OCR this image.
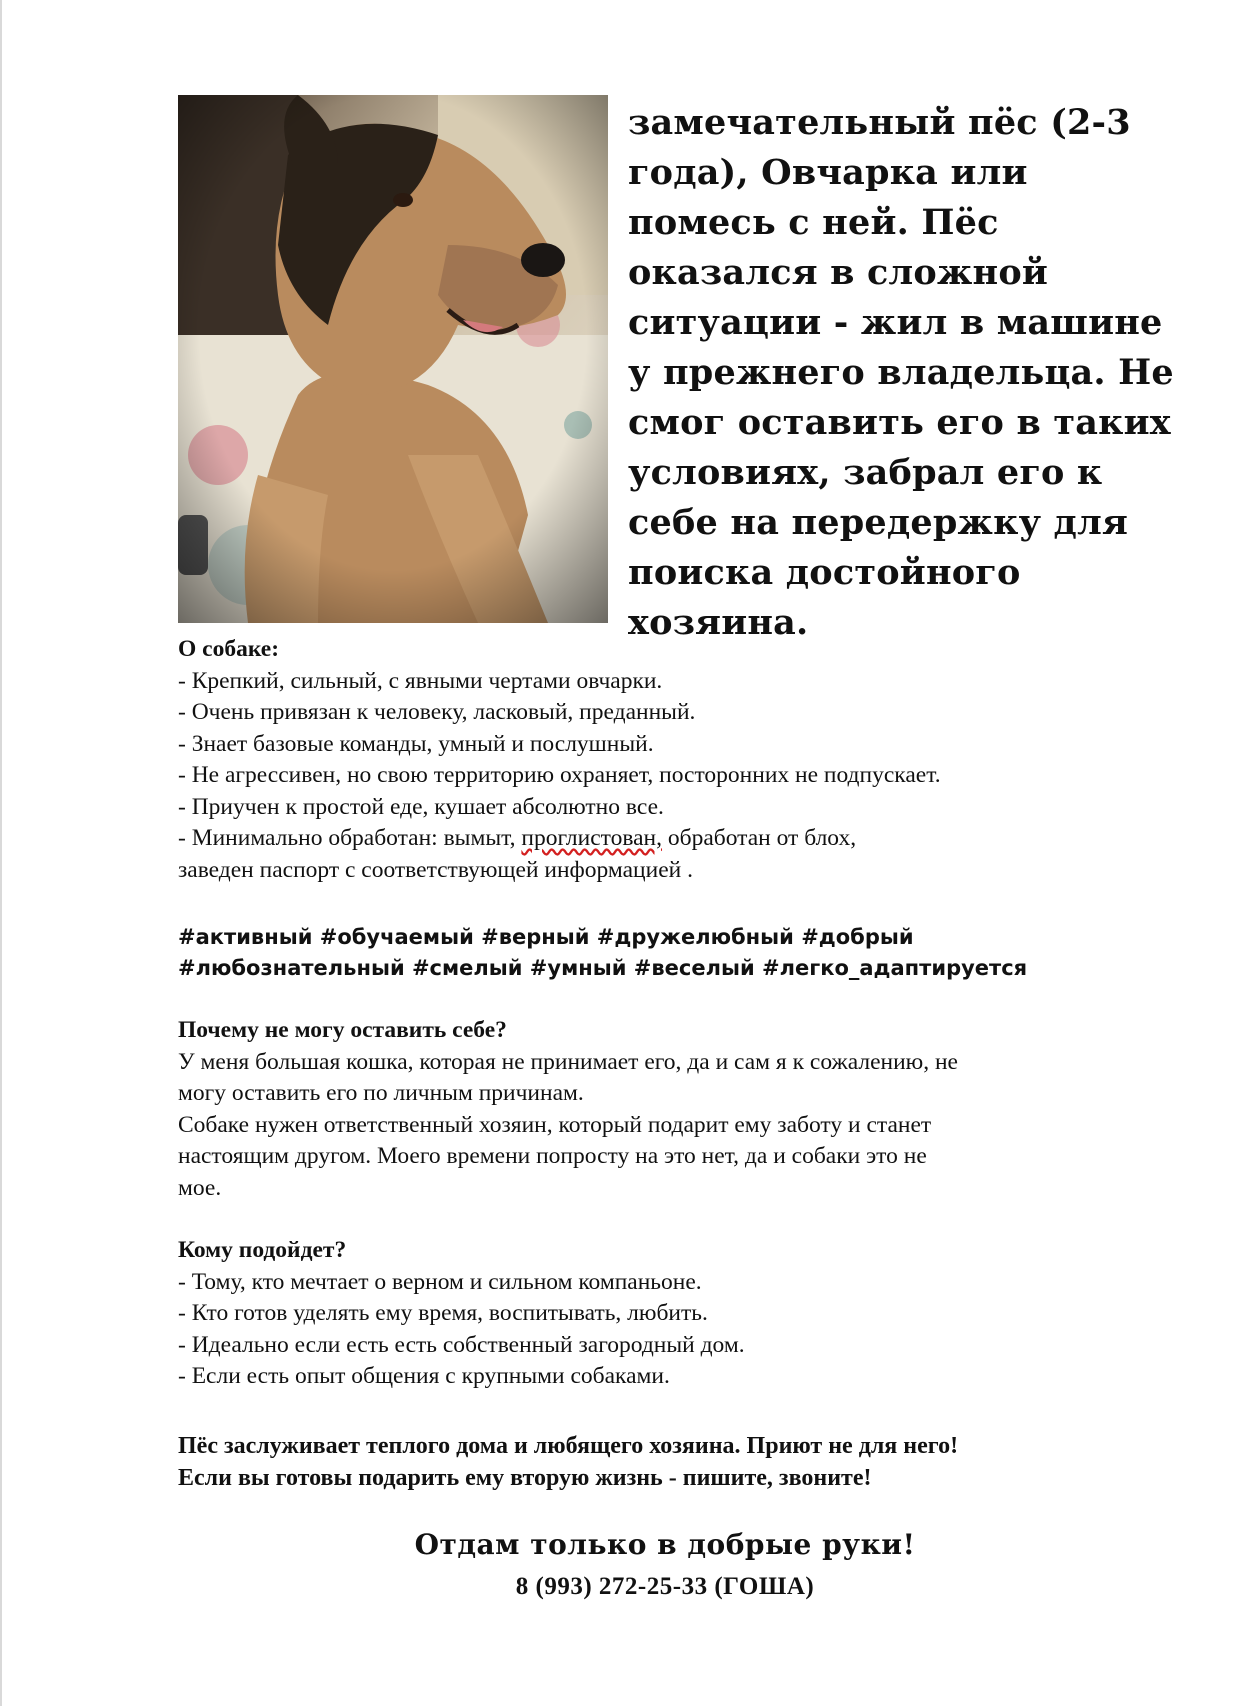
замечательный пёс (2-3

года), Овчарка или

помесь с ней. Пёс

оказался в сложной

ситуации - жил в машине

у прежнего владельца. Не

смог оставить его в таких

условиях, забрал его к

себе на передержку для

поиска достойного

хозяина.

О собаке:

- Крепкий, сильный, с явными чертами овчарки.

- Очень привязан к человеку, ласковый, преданный.

- Знает базовые команды, умный и послушный.

- Не агрессивен, но свою территорию охраняет, посторонних не подпускает.

- Приучен к простой еде, кушает абсолютно все.

- Минимально обработан: вымыт, проглистован, обработан от блох,

заведен паспорт с соответствующей информацией .

#активный #обучаемый #верный #дружелюбный #добрый

#любознательный #смелый #умный #веселый #легко_адаптируется

Почему не могу оставить себе?

У меня большая кошка, которая не принимает его, да и сам я к сожалению, не

могу оставить его по личным причинам.

Собаке нужен ответственный хозяин, который подарит ему заботу и станет

настоящим другом. Моего времени попросту на это нет, да и собаки это не

мое.

Кому подойдет?

- Тому, кто мечтает о верном и сильном компаньоне.

- Кто готов уделять ему время, воспитывать, любить.

- Идеально если есть есть собственный загородный дом.

- Если есть опыт общения с крупными собаками.

Пёс заслуживает теплого дома и любящего хозяина. Приют не для него!

Если вы готовы подарить ему вторую жизнь - пишите, звоните!

Отдам только в добрые руки!

8 (993) 272-25-33 (ГОША)
